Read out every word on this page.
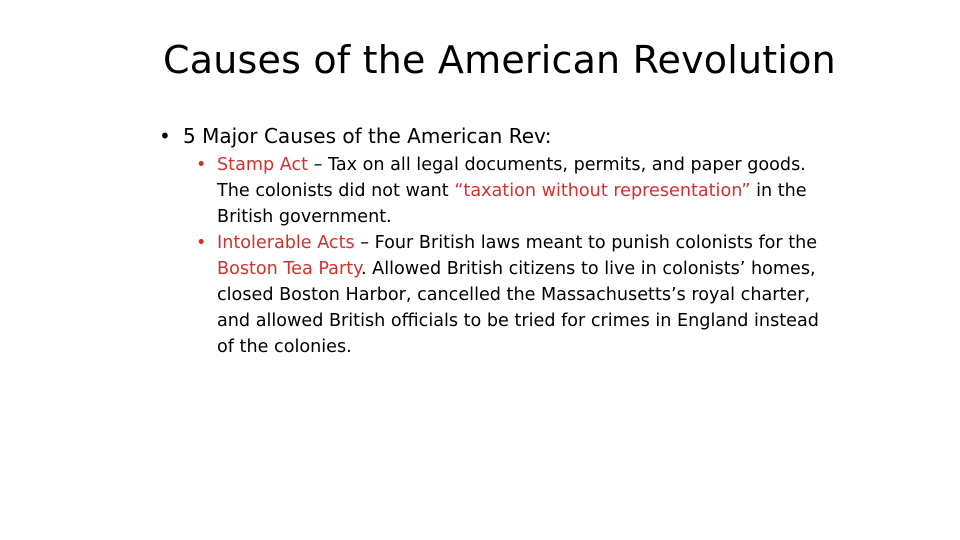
Causes of the American Revolution

• 5 Major Causes of the American Rev:

• Stamp Act – Tax on all legal documents, permits, and paper goods. The colonists did not want “taxation without representation” in the British government.
• Intolerable Acts – Four British laws meant to punish colonists for the Boston Tea Party. Allowed British citizens to live in colonists’ homes, closed Boston Harbor, cancelled the Massachusetts’s royal charter, and allowed British officials to be tried for crimes in England instead of the colonies.
